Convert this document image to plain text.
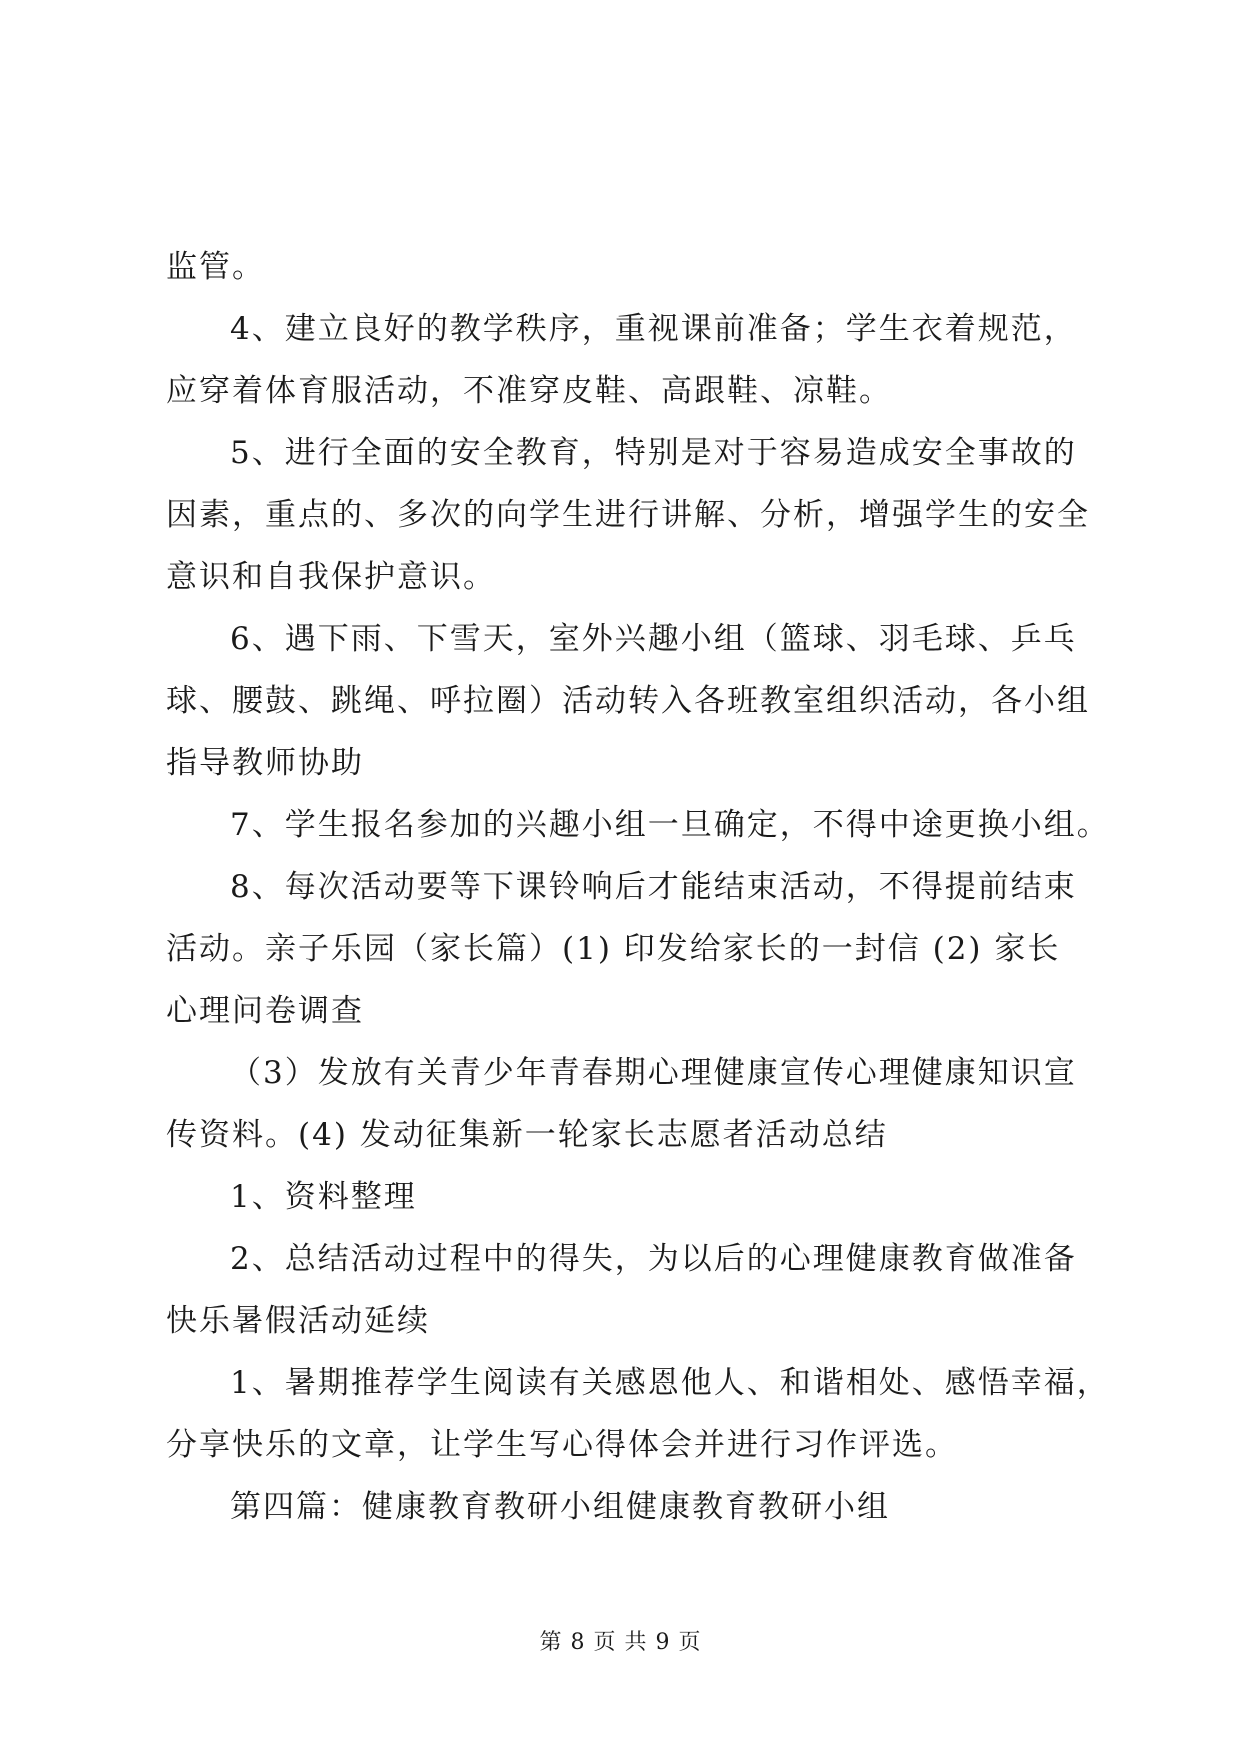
监管。
4、建立良好的教学秩序，重视课前准备；学生衣着规范，
应穿着体育服活动，不准穿皮鞋、高跟鞋、凉鞋。
5、进行全面的安全教育，特别是对于容易造成安全事故的
因素，重点的、多次的向学生进行讲解、分析，增强学生的安全
意识和自我保护意识。
6、遇下雨、下雪天，室外兴趣小组（篮球、羽毛球、乒乓
球、腰鼓、跳绳、呼拉圈）活动转入各班教室组织活动，各小组
指导教师协助
7、学生报名参加的兴趣小组一旦确定，不得中途更换小组。
8、每次活动要等下课铃响后才能结束活动，不得提前结束
活动。亲子乐园（家长篇）(1) 印发给家长的一封信 (2) 家长
心理问卷调查
（3）发放有关青少年青春期心理健康宣传心理健康知识宣
传资料。(4) 发动征集新一轮家长志愿者活动总结
1、资料整理
2、总结活动过程中的得失，为以后的心理健康教育做准备
快乐暑假活动延续
1、暑期推荐学生阅读有关感恩他人、和谐相处、感悟幸福，
分享快乐的文章，让学生写心得体会并进行习作评选。
第四篇：健康教育教研小组健康教育教研小组
第 8 页 共 9 页
